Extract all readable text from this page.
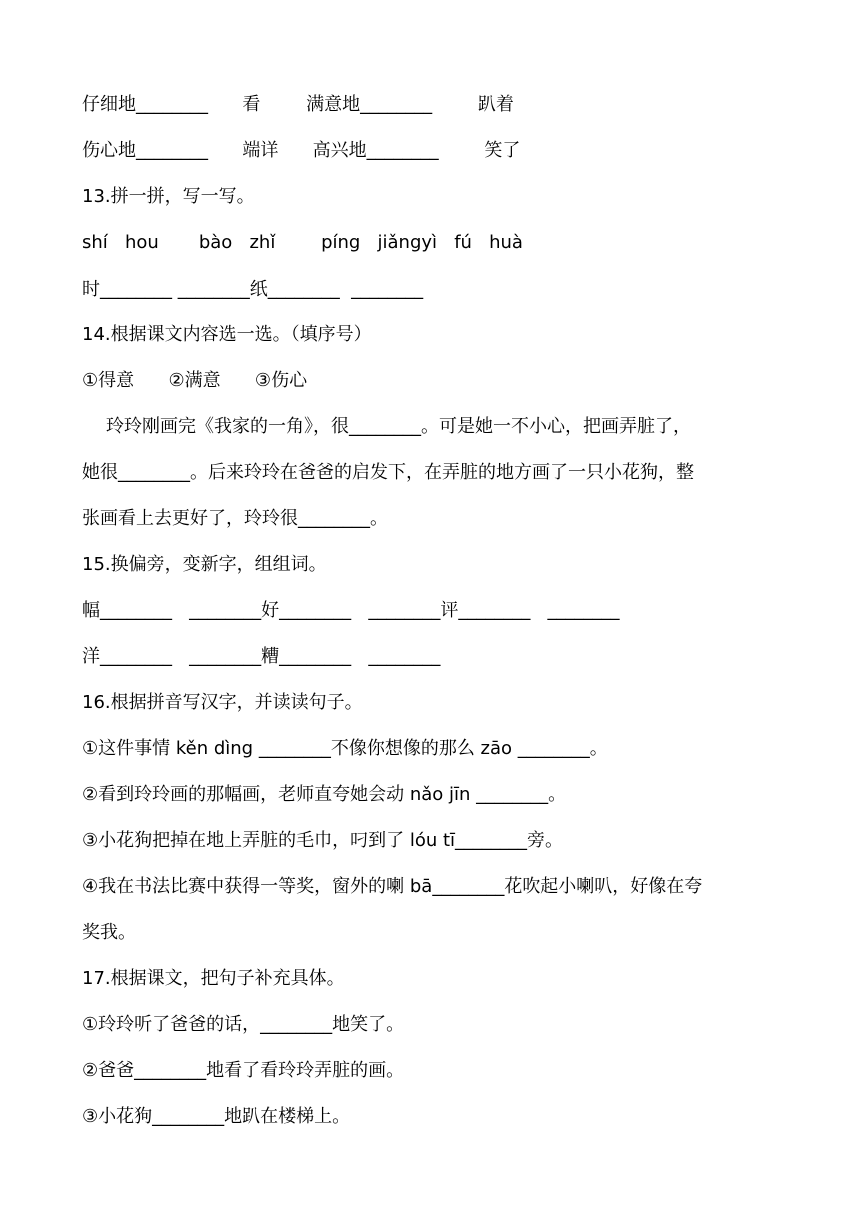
仔细地________      看        满意地________        趴着

伤心地________      端详      高兴地________        笑了

13.拼一拼，写一写。

shí   hou       bào   zhǐ        píng   jiǎngyì   fú   huà

时________ ________纸________  ________

14.根据课文内容选一选。（填序号）

①得意      ②满意      ③伤心

玲玲刚画完《我家的一角》，很________。可是她一不小心，把画弄脏了，

她很________。后来玲玲在爸爸的启发下，在弄脏的地方画了一只小花狗，整

张画看上去更好了，玲玲很________。

15.换偏旁，变新字，组组词。

幅________   ________好________   ________评________   ________

洋________   ________糟________   ________

16.根据拼音写汉字，并读读句子。

①这件事情 kěn dìng ________不像你想像的那么 zāo ________。

②看到玲玲画的那幅画，老师直夸她会动 nǎo jīn ________。

③小花狗把掉在地上弄脏的毛巾，叼到了 lóu tī________旁。

④我在书法比赛中获得一等奖，窗外的喇 bā________花吹起小喇叭，好像在夸

奖我。

17.根据课文，把句子补充具体。

①玲玲听了爸爸的话，________地笑了。

②爸爸________地看了看玲玲弄脏的画。

③小花狗________地趴在楼梯上。
